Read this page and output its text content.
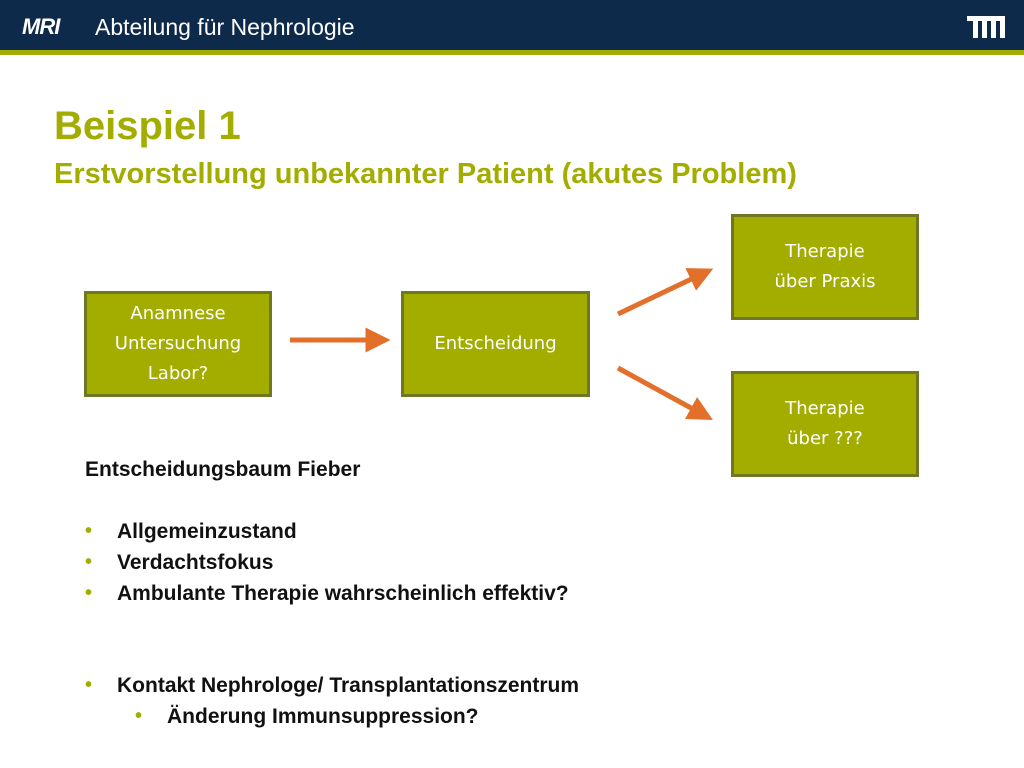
MRI Abteilung für Nephrologie
Beispiel 1
Erstvorstellung unbekannter Patient (akutes Problem)
Anamnese
Untersuchung
Labor?
Entscheidung
Therapie
über Praxis
Therapie
über ???
Entscheidungsbaum Fieber
• Allgemeinzustand
• Verdachtsfokus
• Ambulante Therapie wahrscheinlich effektiv?
• Kontakt Nephrologe/ Transplantationszentrum
• Änderung Immunsuppression?
